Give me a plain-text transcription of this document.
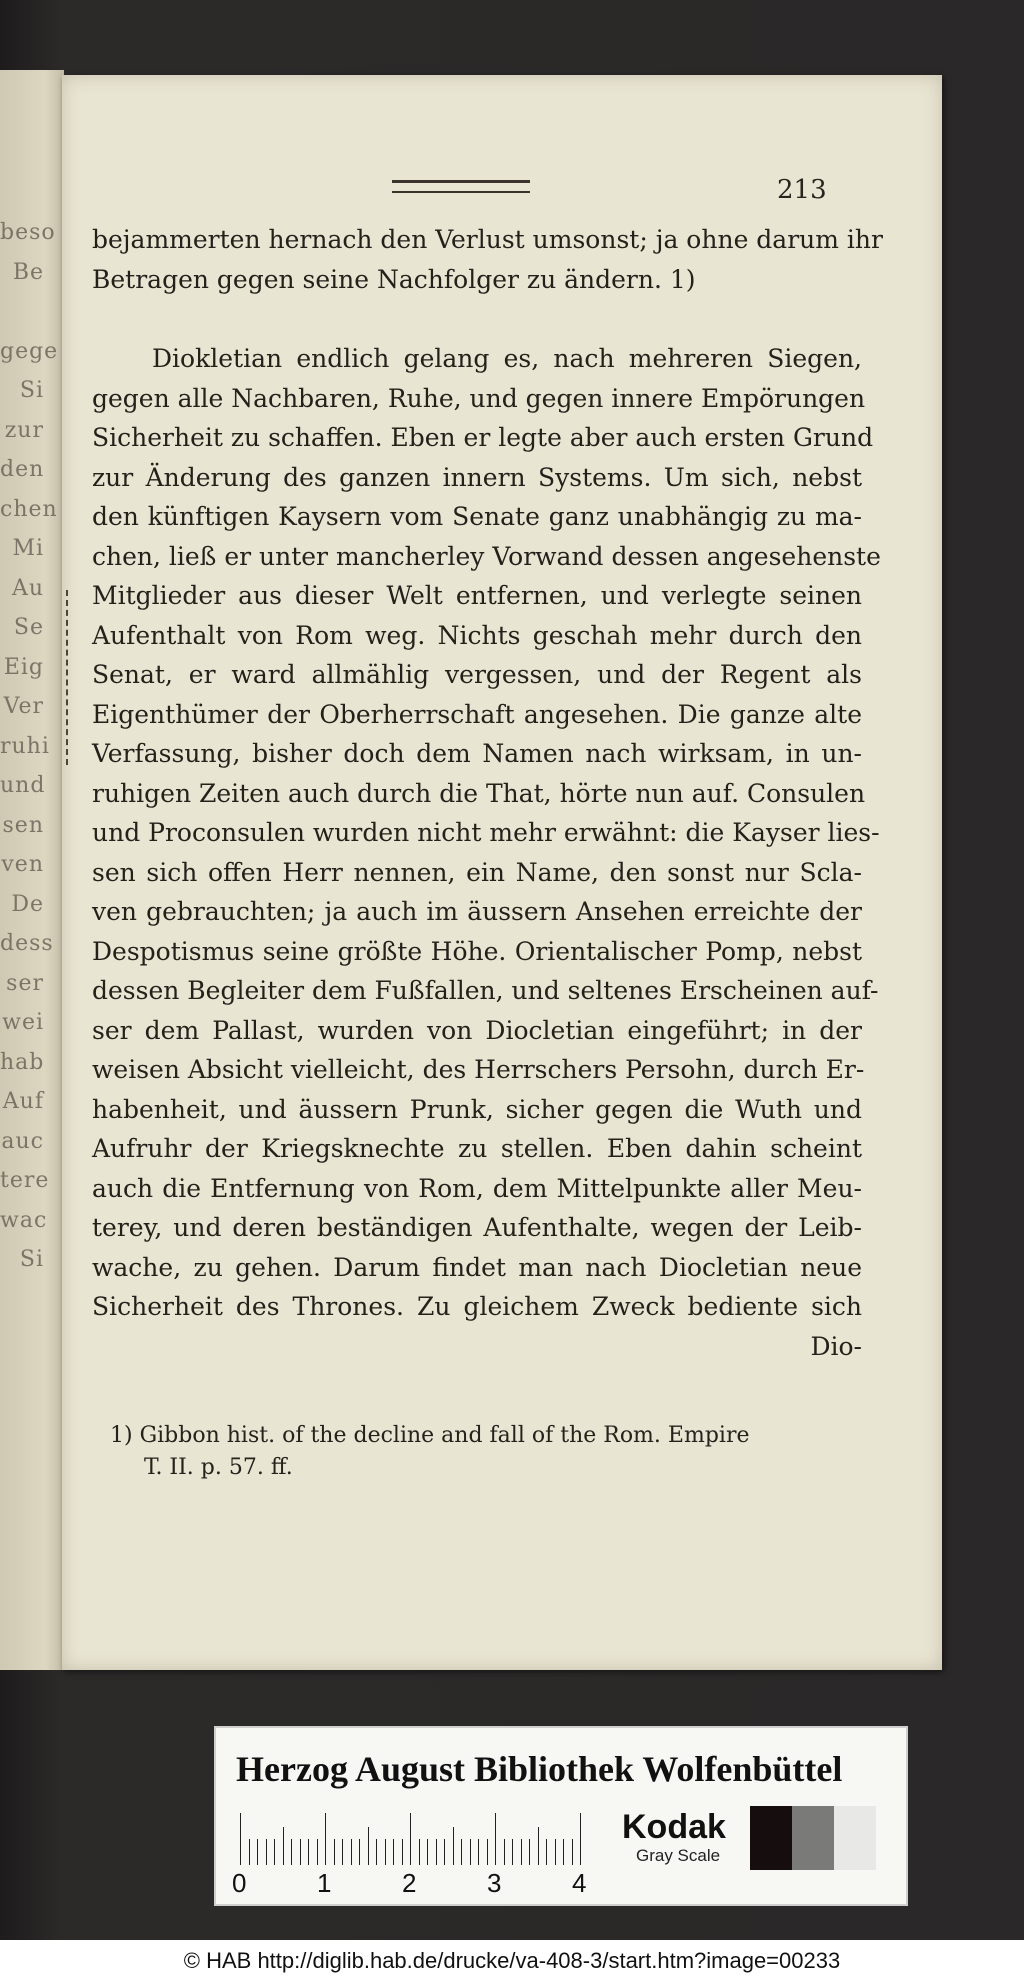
beso
Be
gege
Si
zur
den
chen
Mi
Au
Se
Eig
Ver
ruhi
und
sen
ven
De
dess
ser
wei
hab
Auf
auc
tere
wac
Si
213
bejammerten hernach den Verlust umsonst; ja ohne darum ihr
Betragen gegen seine Nachfolger zu ändern. 1)
Diokletian endlich gelang es, nach mehreren Siegen,
gegen alle Nachbaren, Ruhe, und gegen innere Empörungen
Sicherheit zu schaffen. Eben er legte aber auch ersten Grund
zur Änderung des ganzen innern Systems. Um sich, nebst
den künftigen Kaysern vom Senate ganz unabhängig zu ma-
chen, ließ er unter mancherley Vorwand dessen angesehenste
Mitglieder aus dieser Welt entfernen, und verlegte seinen
Aufenthalt von Rom weg. Nichts geschah mehr durch den
Senat, er ward allmählig vergessen, und der Regent als
Eigenthümer der Oberherrschaft angesehen. Die ganze alte
Verfassung, bisher doch dem Namen nach wirksam, in un-
ruhigen Zeiten auch durch die That, hörte nun auf. Consulen
und Proconsulen wurden nicht mehr erwähnt: die Kayser lies-
sen sich offen Herr nennen, ein Name, den sonst nur Scla-
ven gebrauchten; ja auch im äussern Ansehen erreichte der
Despotismus seine größte Höhe. Orientalischer Pomp, nebst
dessen Begleiter dem Fußfallen, und seltenes Erscheinen auf-
ser dem Pallast, wurden von Diocletian eingeführt; in der
weisen Absicht vielleicht, des Herrschers Persohn, durch Er-
habenheit, und äussern Prunk, sicher gegen die Wuth und
Aufruhr der Kriegsknechte zu stellen. Eben dahin scheint
auch die Entfernung von Rom, dem Mittelpunkte aller Meu-
terey, und deren beständigen Aufenthalte, wegen der Leib-
wache, zu gehen. Darum findet man nach Diocletian neue
Sicherheit des Thrones. Zu gleichem Zweck bediente sich
Dio-
1) Gibbon hist. of the decline and fall of the Rom. Empire
T. II. p. 57. ff.
Herzog August Bibliothek Wolfenbüttel
0	1	2	3	4
Kodak
Gray Scale
© HAB http://diglib.hab.de/drucke/va-408-3/start.htm?image=00233
